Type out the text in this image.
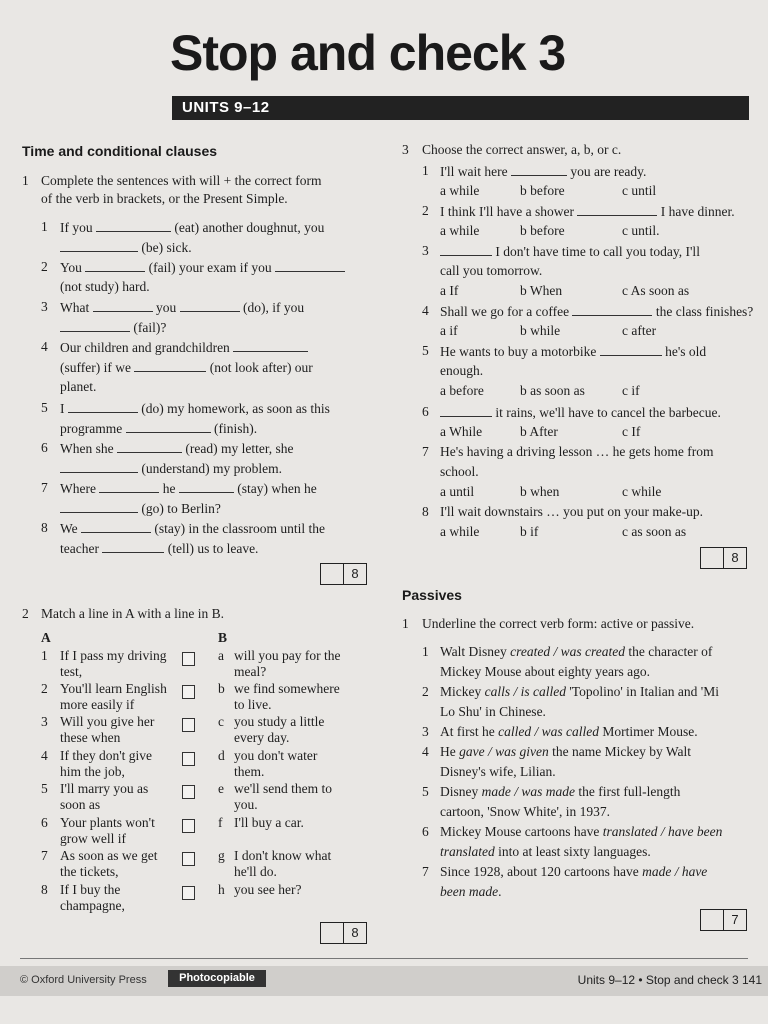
Stop and check 3
UNITS 9–12
Time and conditional clauses
1 Complete the sentences with will + the correct form
of the verb in brackets, or the Present Simple.
1 If you	(eat) another doughnut, you
(be) sick.
2 You	(fail) your exam if you
(not study) hard.
3 What	you	(do), if you
(fail)?
4 Our children and grandchildren
(suffer) if we	(not look after) our
planet.
5 I	(do) my homework, as soon as this
programme	(finish).
6 When she	(read) my letter, she
(understand) my problem.
7 Where	he	(stay) when he
(go) to Berlin?
8 We	(stay) in the classroom until the
teacher	(tell) us to leave.
8
2 Match a line in A with a line in B.
A	B
1 If I pass my driving
test,
2 You'll learn English
more easily if
3 Will you give her
these when
4 If they don't give
him the job,
5 I'll marry you as
soon as
6 Your plants won't
grow well if
7 As soon as we get
the tickets,
8 If I buy the
champagne,
a will you pay for the
meal?
b we find somewhere
to live.
c you study a little
every day.
d you don't water
them.
e we'll send them to
you.
f I'll buy a car.
g I don't know what
he'll do.
h you see her?
8
3 Choose the correct answer, a, b, or c.
1 I'll wait here	you are ready.
a while	b before	c until
2 I think I'll have a shower	I have dinner.
a while	b before	c until.
3	I don't have time to call you today, I'll
call you tomorrow.
a If	b When	c As soon as
4 Shall we go for a coffee	the class finishes?
a if	b while	c after
5 He wants to buy a motorbike	he's old
enough.
a before	b as soon as	c if
6	it rains, we'll have to cancel the barbecue.
a While	b After	c If
7 He's having a driving lesson … he gets home from
school.
a until	b when	c while
8 I'll wait downstairs … you put on your make-up.
a while	b if	c as soon as
8
Passives
1 Underline the correct verb form: active or passive.
1 Walt Disney created / was created the character of
Mickey Mouse about eighty years ago.
2 Mickey calls / is called 'Topolino' in Italian and 'Mi
Lo Shu' in Chinese.
3 At first he called / was called Mortimer Mouse.
4 He gave / was given the name Mickey by Walt
Disney's wife, Lilian.
5 Disney made / was made the first full-length
cartoon, 'Snow White', in 1937.
6 Mickey Mouse cartoons have translated / have been
translated into at least sixty languages.
7 Since 1928, about 120 cartoons have made / have
been made.
7
© Oxford University Press	Photocopiable	Units 9–12 • Stop and check 3 141
